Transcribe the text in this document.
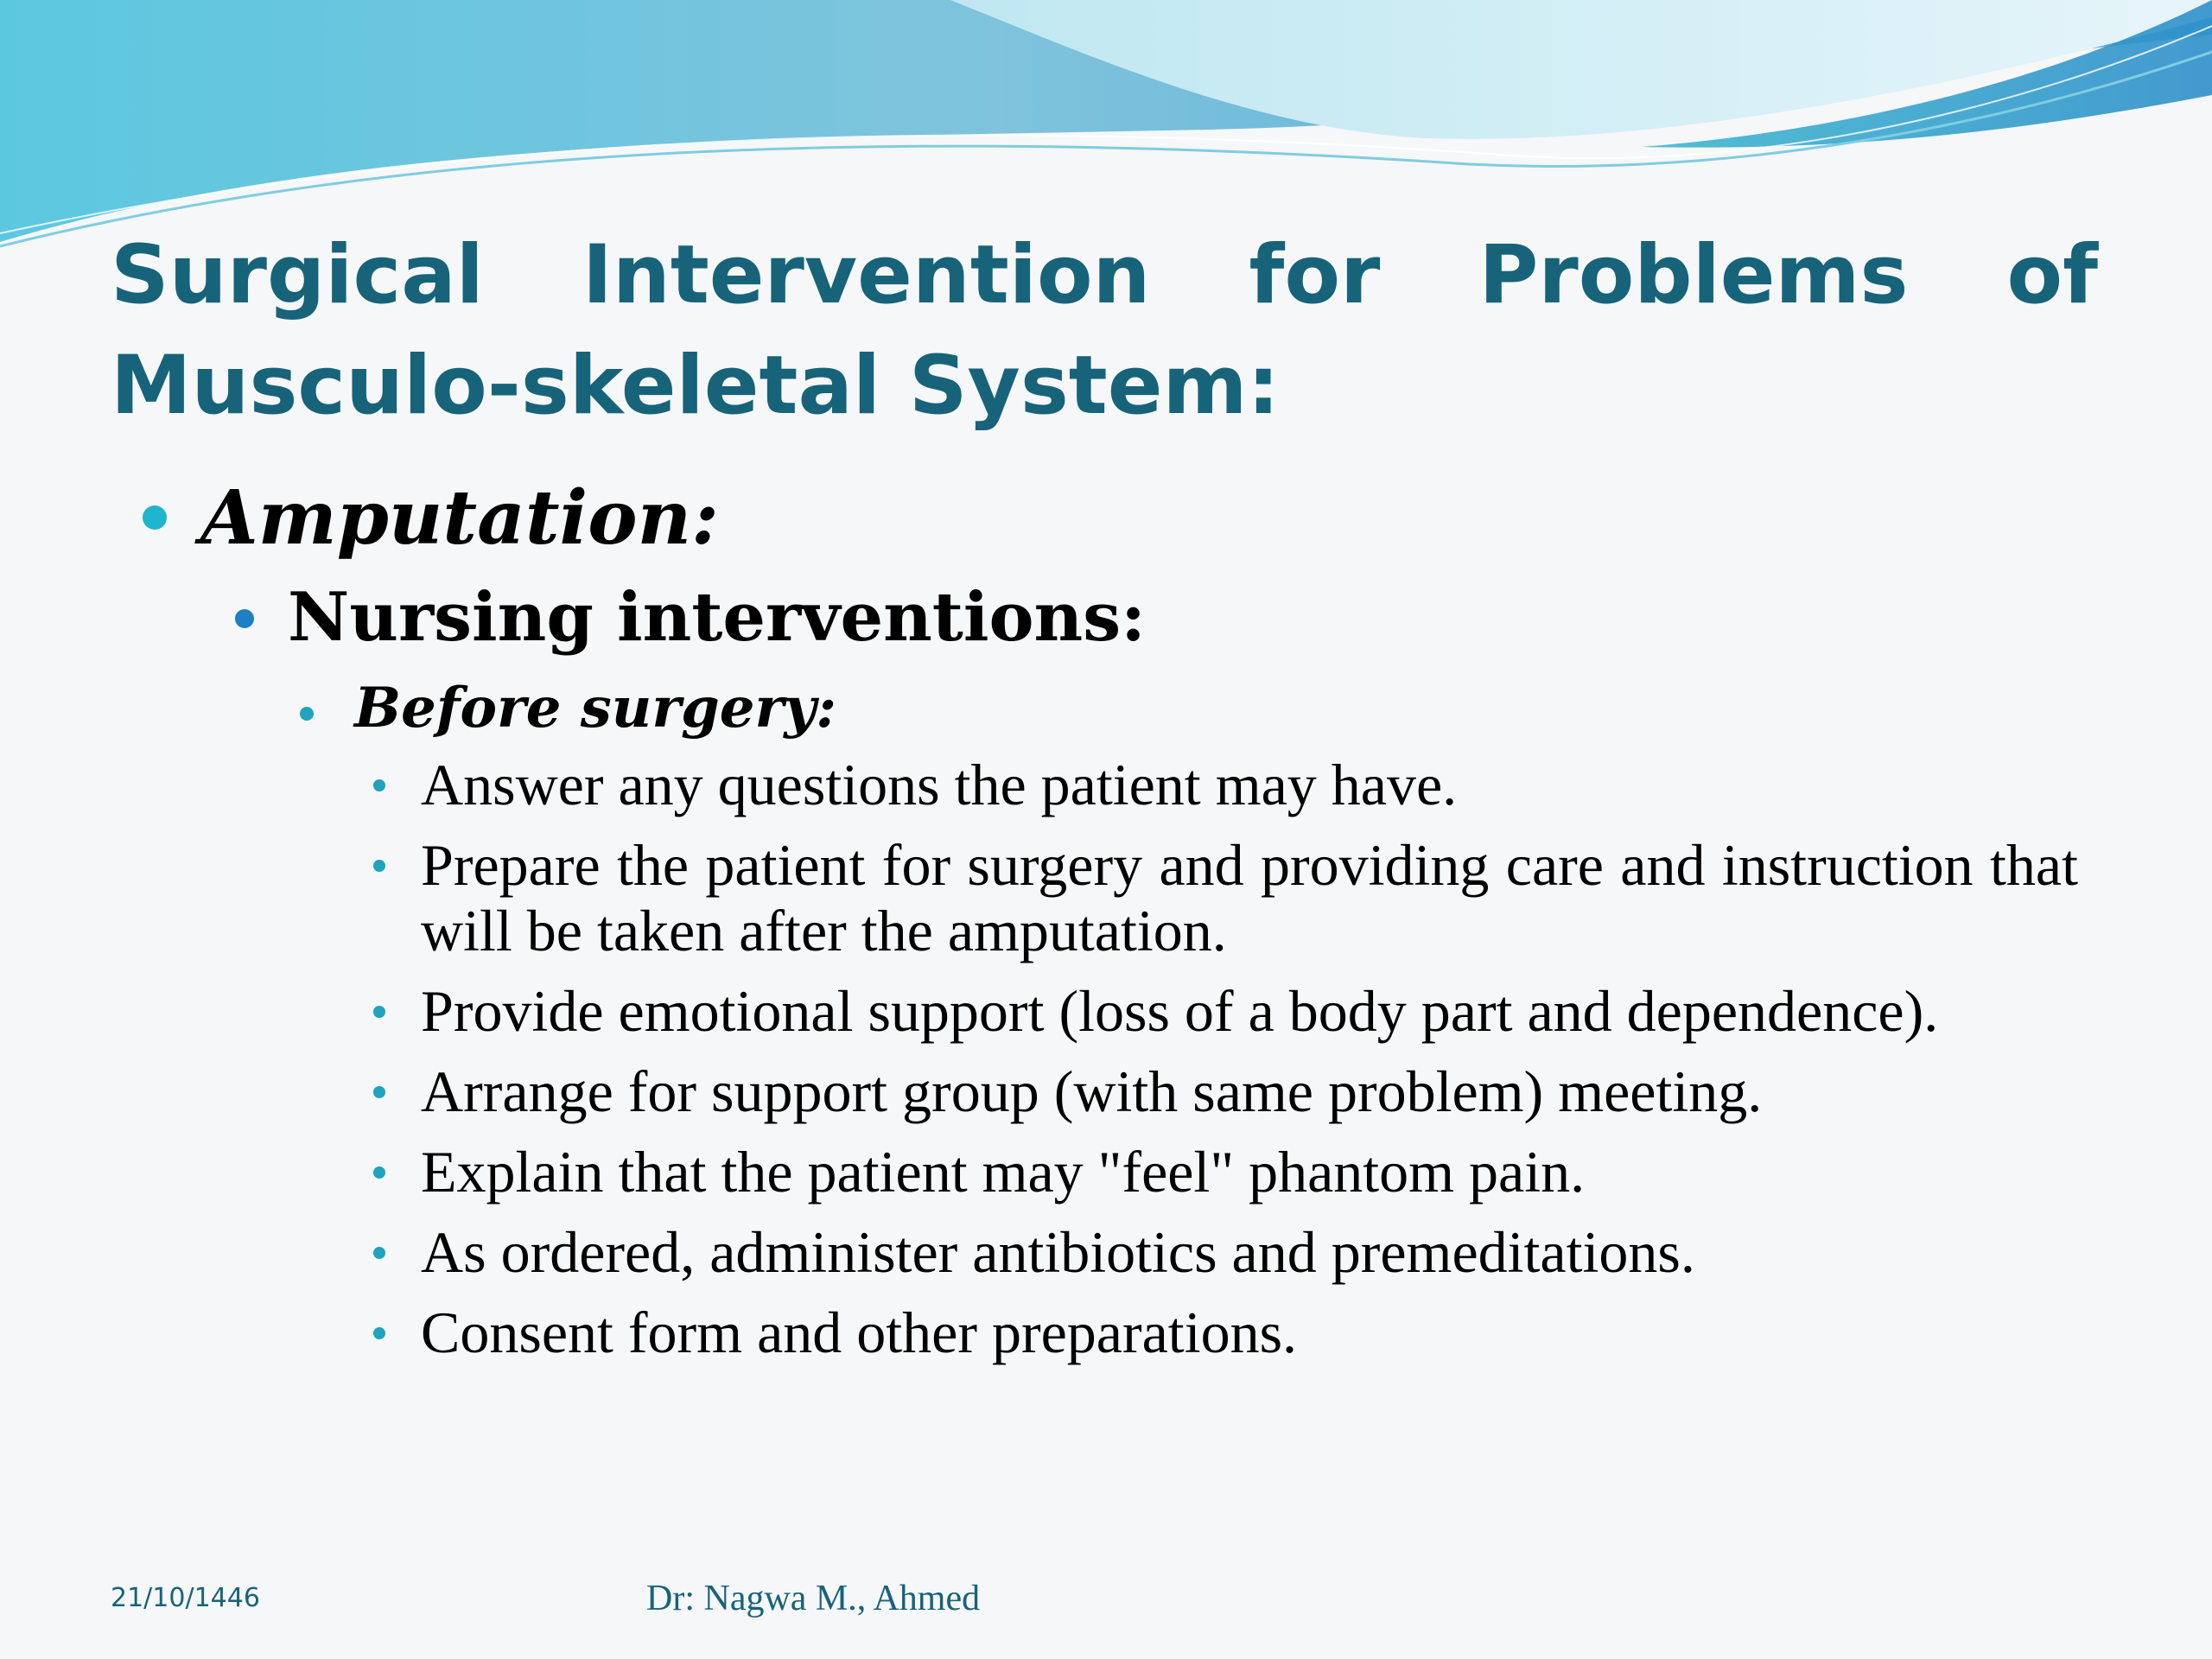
Surgical Intervention for Problems of Musculo-skeletal System:
Amputation:
Nursing interventions:
Before surgery:
Answer any questions the patient may have.
Prepare the patient for surgery and providing care and instruction that will be taken after the amputation.
Provide emotional support (loss of a body part and dependence).
Arrange for support group (with same problem) meeting.
Explain that the patient may "feel" phantom pain.
As ordered, administer antibiotics and premeditations.
Consent form and other preparations.
21/10/1446	Dr: Nagwa M., Ahmed
